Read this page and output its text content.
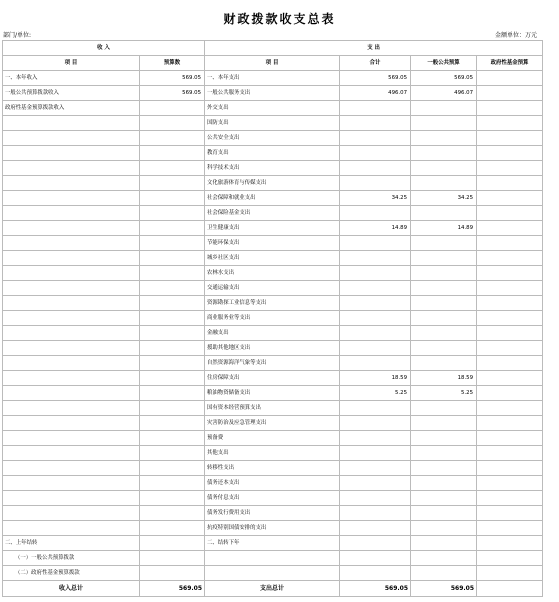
财政拨款收支总表
部门/单位:	金额单位：万元
收 入		支 出			
项 目	预算数	项 目	合计	一般公共预算	政府性基金预算
一、本年收入	569.05	一、本年支出	569.05	569.05	
一般公共预算拨款收入	569.05	一般公共服务支出	496.07	496.07	
政府性基金预算拨款收入		外交支出			
		国防支出			
		公共安全支出			
		教育支出			
		科学技术支出			
		文化旅游体育与传媒支出			
		社会保障和就业支出	34.25	34.25	
		社会保险基金支出			
		卫生健康支出	14.89	14.89	
		节能环保支出			
		城乡社区支出			
		农林水支出			
		交通运输支出			
		资源勘探工业信息等支出			
		商业服务业等支出			
		金融支出			
		援助其他地区支出			
		自然资源海洋气象等支出			
		住房保障支出	18.59	18.59	
		粮油物资储备支出	5.25	5.25	
		国有资本经营预算支出			
		灾害防治及应急管理支出			
		预备费			
		其他支出			
		转移性支出			
		债务还本支出			
		债务付息支出			
		债务发行费用支出			
		抗疫特别国债安排的支出			
二、上年结转		二、结转下年			
（一）一般公共预算拨款					
（二）政府性基金预算拨款					
收入总计	569.05	支出总计	569.05	569.05	
